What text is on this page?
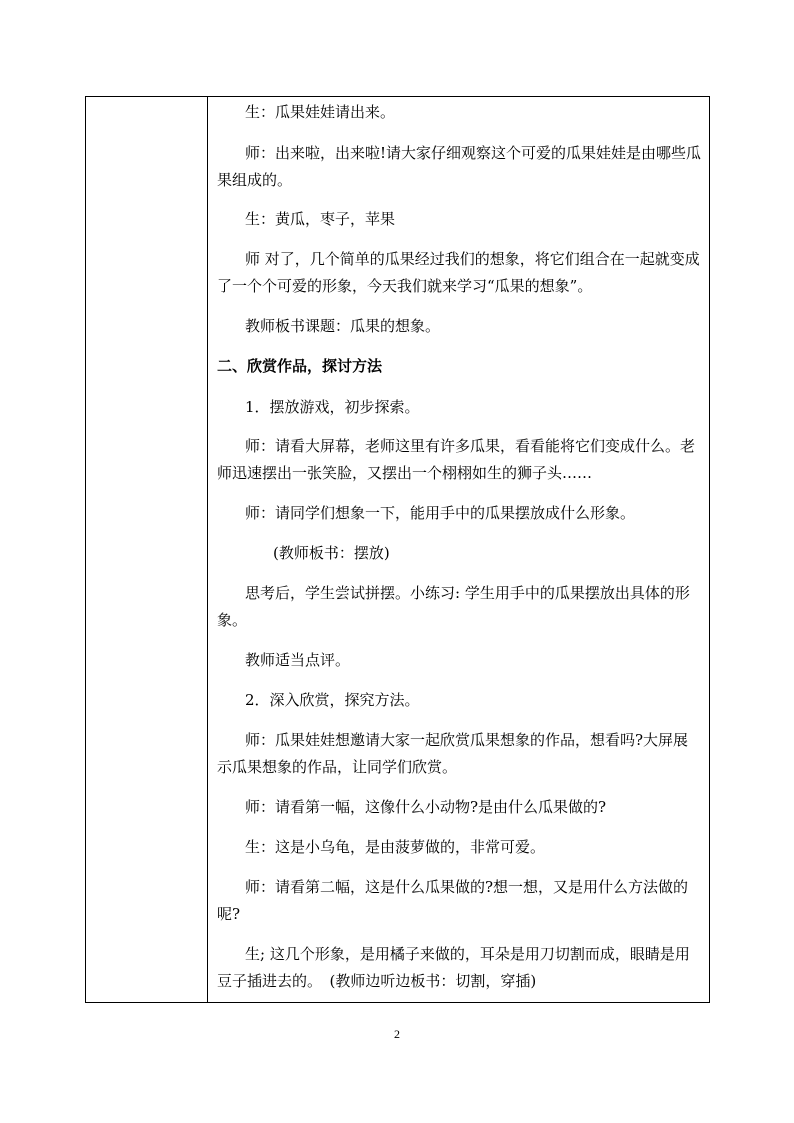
生：瓜果娃娃请出来。

师：出来啦，出来啦!请大家仔细观察这个可爱的瓜果娃娃是由哪些瓜果组成的。

生：黄瓜，枣子，苹果

师 对了，几个简单的瓜果经过我们的想象，将它们组合在一起就变成了一个个可爱的形象，今天我们就来学习“瓜果的想象”。

教师板书课题：瓜果的想象。

二、欣赏作品，探讨方法

1．摆放游戏，初步探索。

师：请看大屏幕，老师这里有许多瓜果，看看能将它们变成什么。老师迅速摆出一张笑脸，又摆出一个栩栩如生的狮子头……

师：请同学们想象一下，能用手中的瓜果摆放成什么形象。

(教师板书：摆放)

思考后，学生尝试拼摆。小练习: 学生用手中的瓜果摆放出具体的形象。

教师适当点评。

2．深入欣赏，探究方法。

师：瓜果娃娃想邀请大家一起欣赏瓜果想象的作品，想看吗?大屏展示瓜果想象的作品，让同学们欣赏。

师：请看第一幅，这像什么小动物?是由什么瓜果做的?

生：这是小乌龟，是由菠萝做的，非常可爱。

师：请看第二幅，这是什么瓜果做的?想一想，又是用什么方法做的呢?

生; 这几个形象，是用橘子来做的，耳朵是用刀切割而成，眼睛是用豆子插进去的。　(教师边听边板书：切割，穿插)

2
